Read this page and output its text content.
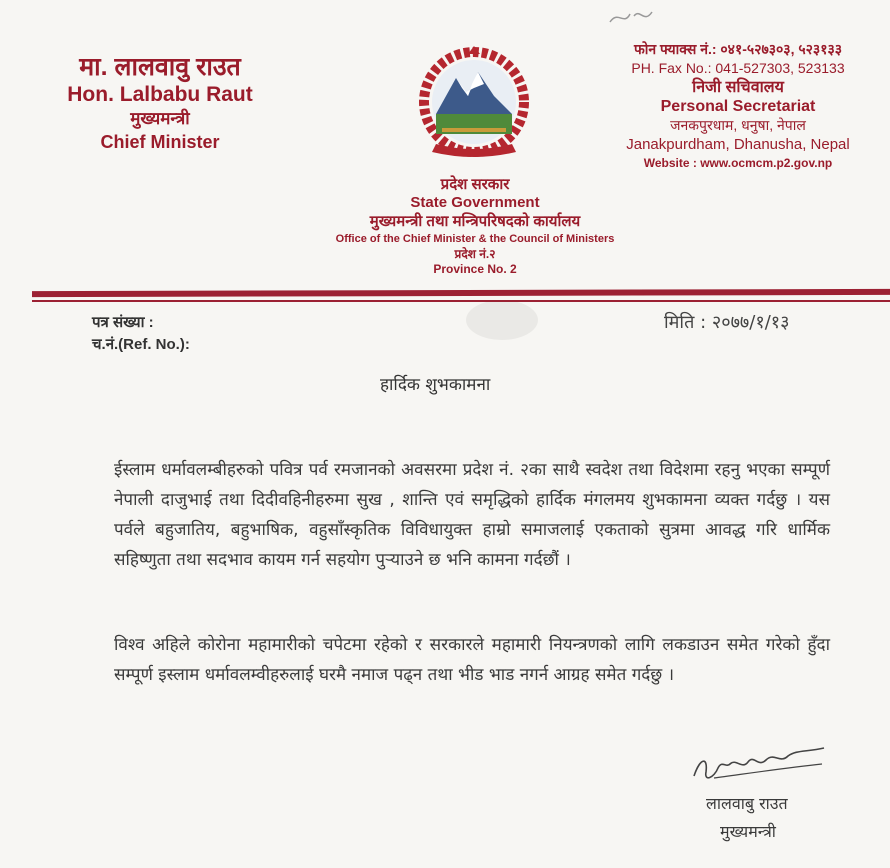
मा. लालवावु राउत
Hon. Lalbabu Raut
मुख्यमन्त्री
Chief Minister
फोन फ्याक्स नं.: ०४१-५२७३०३, ५२३१३३
PH. Fax No.: 041-527303, 523133
निजी सचिवालय
Personal Secretariat
जनकपुरधाम, धनुषा, नेपाल
Janakpurdham, Dhanusha, Nepal
Website : www.ocmcm.p2.gov.np
प्रदेश सरकार
State Government
मुख्यमन्त्री तथा मन्त्रिपरिषदको कार्यालय
Office of the Chief Minister & the Council of Ministers
प्रदेश नं.२
Province No. 2
पत्र संख्या :
च.नं.(Ref. No.):
मिति : २०७७/१/१३
हार्दिक शुभकामना
ईस्लाम धर्मावलम्बीहरुको पवित्र पर्व रमजानको अवसरमा प्रदेश नं. २का साथै स्वदेश तथा विदेशमा रहनु भएका सम्पूर्ण नेपाली दाजुभाई तथा दिदीवहिनीहरुमा सुख , शान्ति एवं समृद्धिको हार्दिक मंगलमय शुभकामना व्यक्त गर्दछु । यस पर्वले बहुजातिय, बहुभाषिक, वहुसाँस्कृतिक विविधायुक्त हाम्रो समाजलाई एकताको सुत्रमा आवद्ध गरि धार्मिक सहिष्णुता तथा सदभाव कायम गर्न सहयोग पुऱ्याउने छ भनि कामना गर्दछौं ।
विश्व अहिले कोरोना महामारीको चपेटमा रहेको र सरकारले महामारी नियन्त्रणको लागि लकडाउन समेत गरेको हुँदा सम्पूर्ण इस्लाम धर्मावलम्वीहरुलाई घरमै नमाज पढ्न तथा भीड भाड नगर्न आग्रह समेत गर्दछु ।
लालवाबु राउत
मुख्यमन्त्री
